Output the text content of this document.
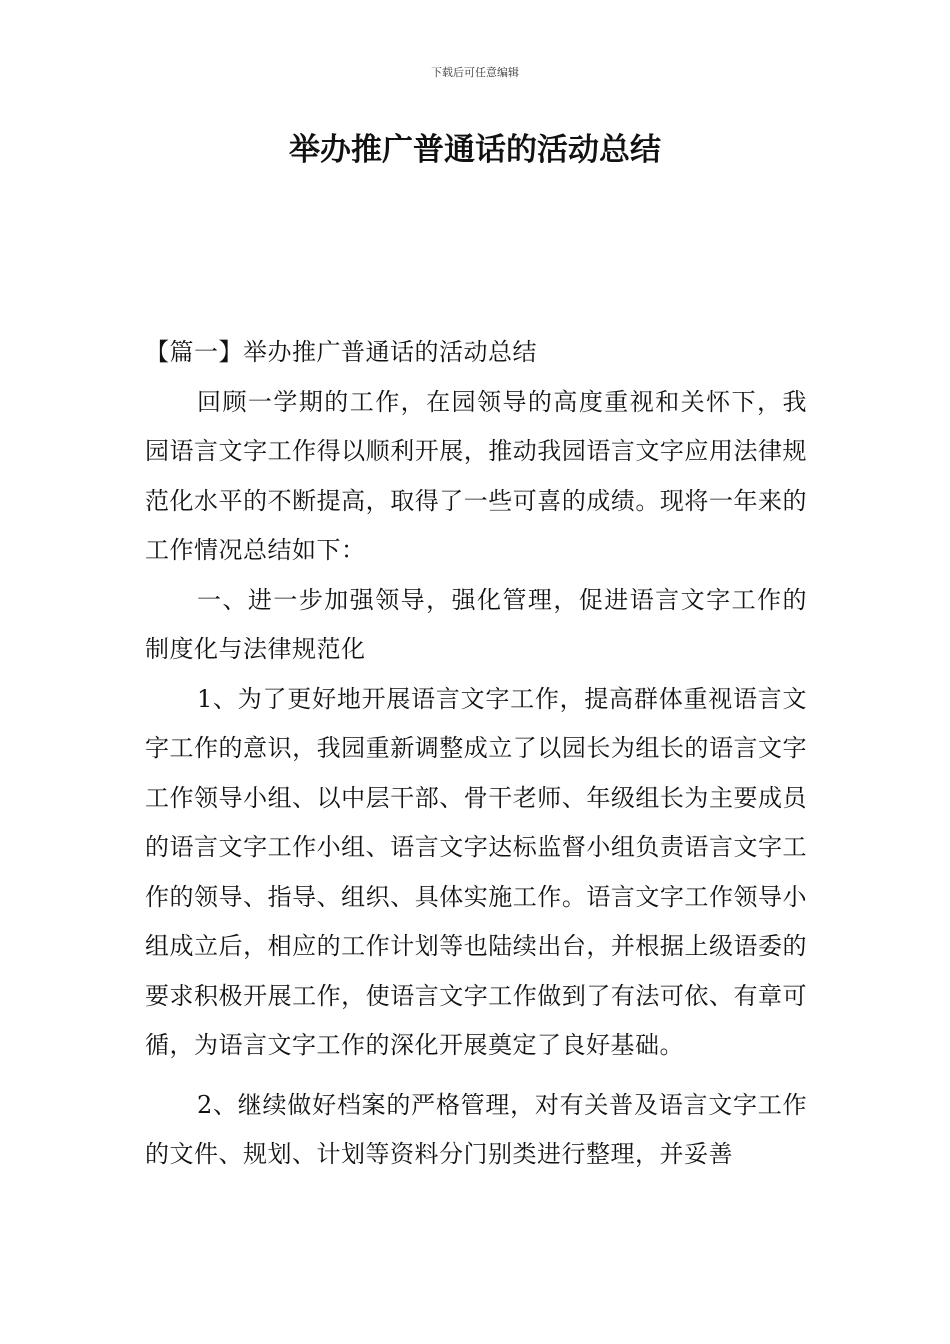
下载后可任意编辑
举办推广普通话的活动总结

【篇一】举办推广普通话的活动总结

回顾一学期的工作，在园领导的高度重视和关怀下，我园语言文字工作得以顺利开展，推动我园语言文字应用法律规范化水平的不断提高，取得了一些可喜的成绩。现将一年来的工作情况总结如下：

一、进一步加强领导，强化管理，促进语言文字工作的制度化与法律规范化

1、为了更好地开展语言文字工作，提高群体重视语言文字工作的意识，我园重新调整成立了以园长为组长的语言文字工作领导小组、以中层干部、骨干老师、年级组长为主要成员的语言文字工作小组、语言文字达标监督小组负责语言文字工作的领导、指导、组织、具体实施工作。语言文字工作领导小组成立后，相应的工作计划等也陆续出台，并根据上级语委的要求积极开展工作，使语言文字工作做到了有法可依、有章可循，为语言文字工作的深化开展奠定了良好基础。

2、继续做好档案的严格管理，对有关普及语言文字工作的文件、规划、计划等资料分门别类进行整理，并妥善
